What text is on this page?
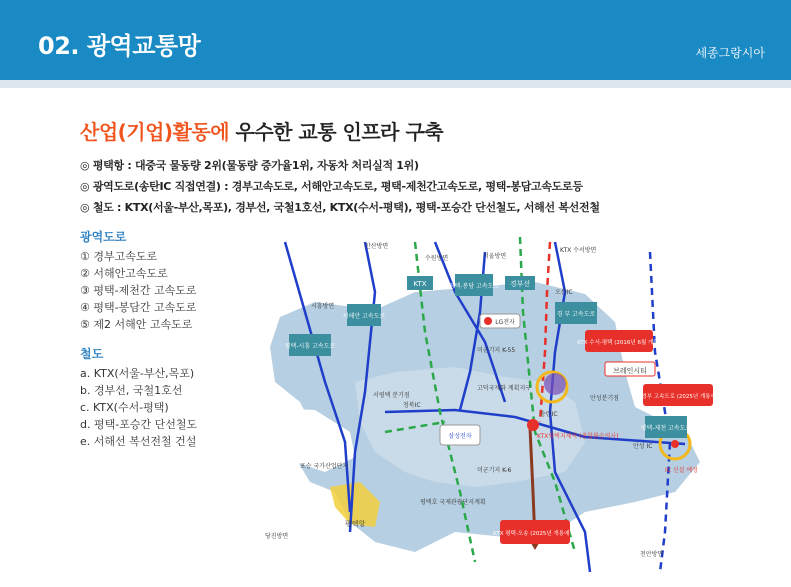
02. 광역교통망	세종그랑시아
산업(기업)활동에 우수한 교통 인프라 구축
◎ 평택항 : 대중국 물동량 2위(물동량 증가율1위, 자동차 처리실적 1위)
◎ 광역도로(송탄IC 직접연결) : 경부고속도로, 서해안고속도로, 평택-제천간고속도로, 평택-봉담고속도로등
◎ 철도 : KTX(서울-부산,목포), 경부선, 국철1호선, KTX(수서-평택), 평택-포승간 단선철도, 서해선 복선전철
광역도로
① 경부고속도로
② 서해안고속도로
③ 평택-제천간 고속도로
④ 평택-봉담간 고속도로
⑤ 제2 서해안 고속도로
철도
a. KTX(서울-부산,목포)
b. 경부선, 국철1호선
c. KTX(수서-평택)
d. 평택-포승간 단선철도
e. 서해선 복선전철 건설
KTX	평택-봉담 고속도로 경부선
서해안 고속도로	경 부 고속도로
평택-시흥 고속도로
평택-제천 고속도로
LG전자
삼성전자
브레인시티
KTX 수서-평택 (2016년 6월 개통)
제2경부 고속도로 (2025년 개통예정)
KTX 평택-오송 (2025년 개통예정)
안산방면
수원방면	서울방면
KTX 수서방면
시흥방면
오산IC
미군기지 K-55
고덕국제화 계획지구
송탄IC
서평택 분기점
청북IC
안성분기점
안성 IC
IC 신설 예정
KTX평택지제역 (총합환승역사)
미군기지 K-6
포승 국가산업단지
평택항
평택호 국제관광단지계획
당진방면
천안방면
